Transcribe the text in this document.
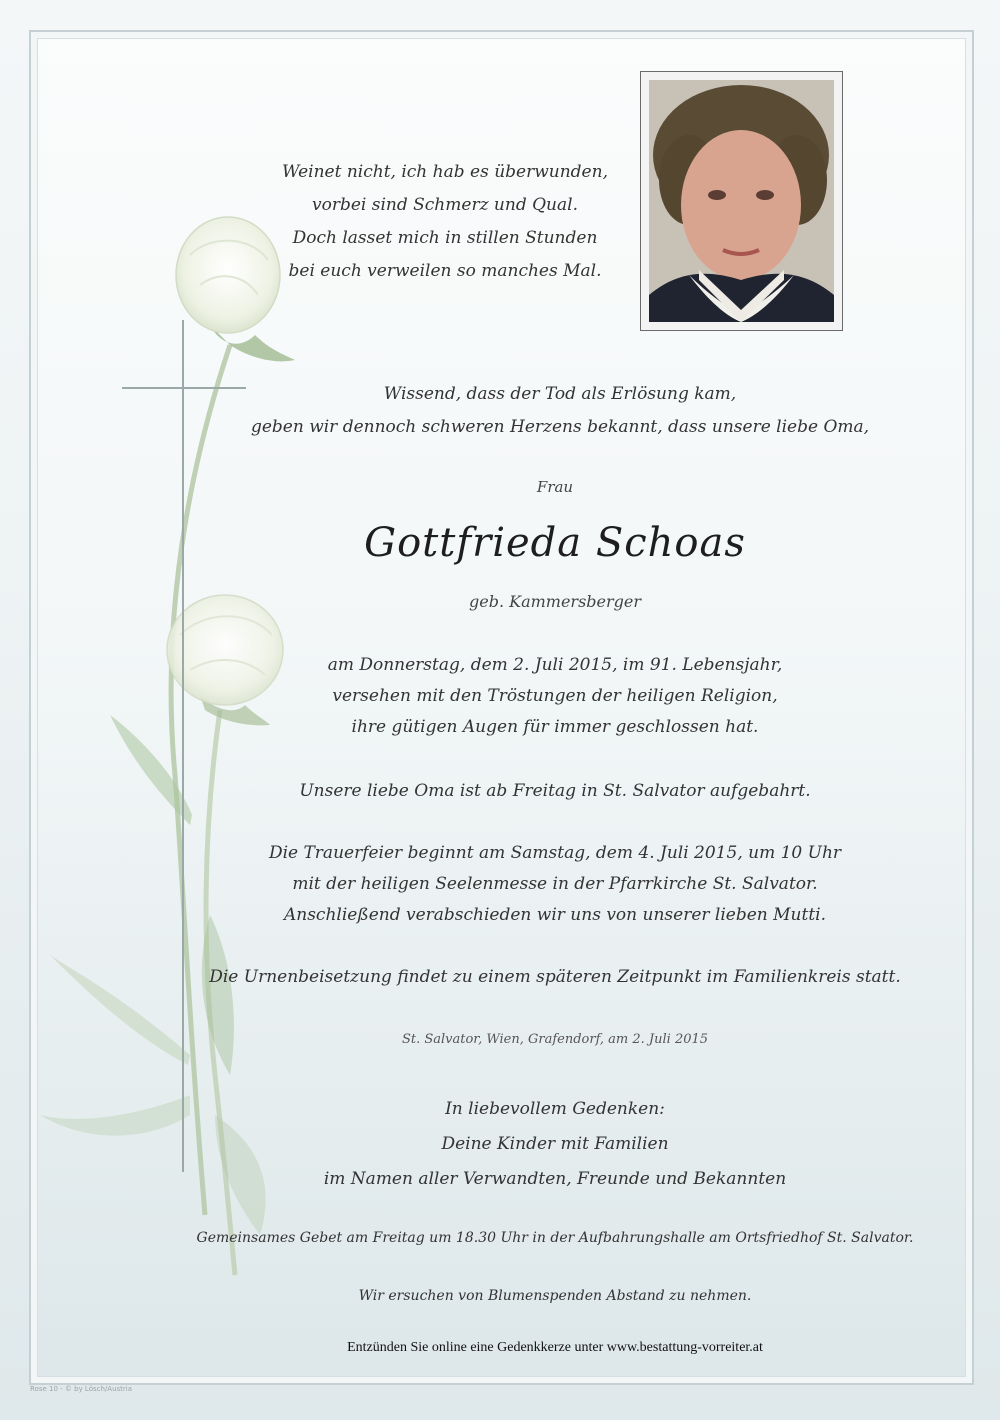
Weinet nicht, ich hab es überwunden,
vorbei sind Schmerz und Qual.
Doch lasset mich in stillen Stunden
bei euch verweilen so manches Mal.
Wissend, dass der Tod als Erlösung kam,
geben wir dennoch schweren Herzens bekannt, dass unsere liebe Oma,
Frau
Gottfrieda Schoas
geb. Kammersberger
am Donnerstag, dem 2. Juli 2015, im 91. Lebensjahr,
versehen mit den Tröstungen der heiligen Religion,
ihre gütigen Augen für immer geschlossen hat.
Unsere liebe Oma ist ab Freitag in St. Salvator aufgebahrt.
Die Trauerfeier beginnt am Samstag, dem 4. Juli 2015, um 10 Uhr
mit der heiligen Seelenmesse in der Pfarrkirche St. Salvator.
Anschließend verabschieden wir uns von unserer lieben Mutti.
Die Urnenbeisetzung findet zu einem späteren Zeitpunkt im Familienkreis statt.
St. Salvator, Wien, Grafendorf, am 2. Juli 2015
In liebevollem Gedenken:
Deine Kinder mit Familien
im Namen aller Verwandten, Freunde und Bekannten
Gemeinsames Gebet am Freitag um 18.30 Uhr in der Aufbahrungshalle am Ortsfriedhof St. Salvator.
Wir ersuchen von Blumenspenden Abstand zu nehmen.
Entzünden Sie online eine Gedenkkerze unter www.bestattung-vorreiter.at
Rose 10 - © by Lösch/Austria
